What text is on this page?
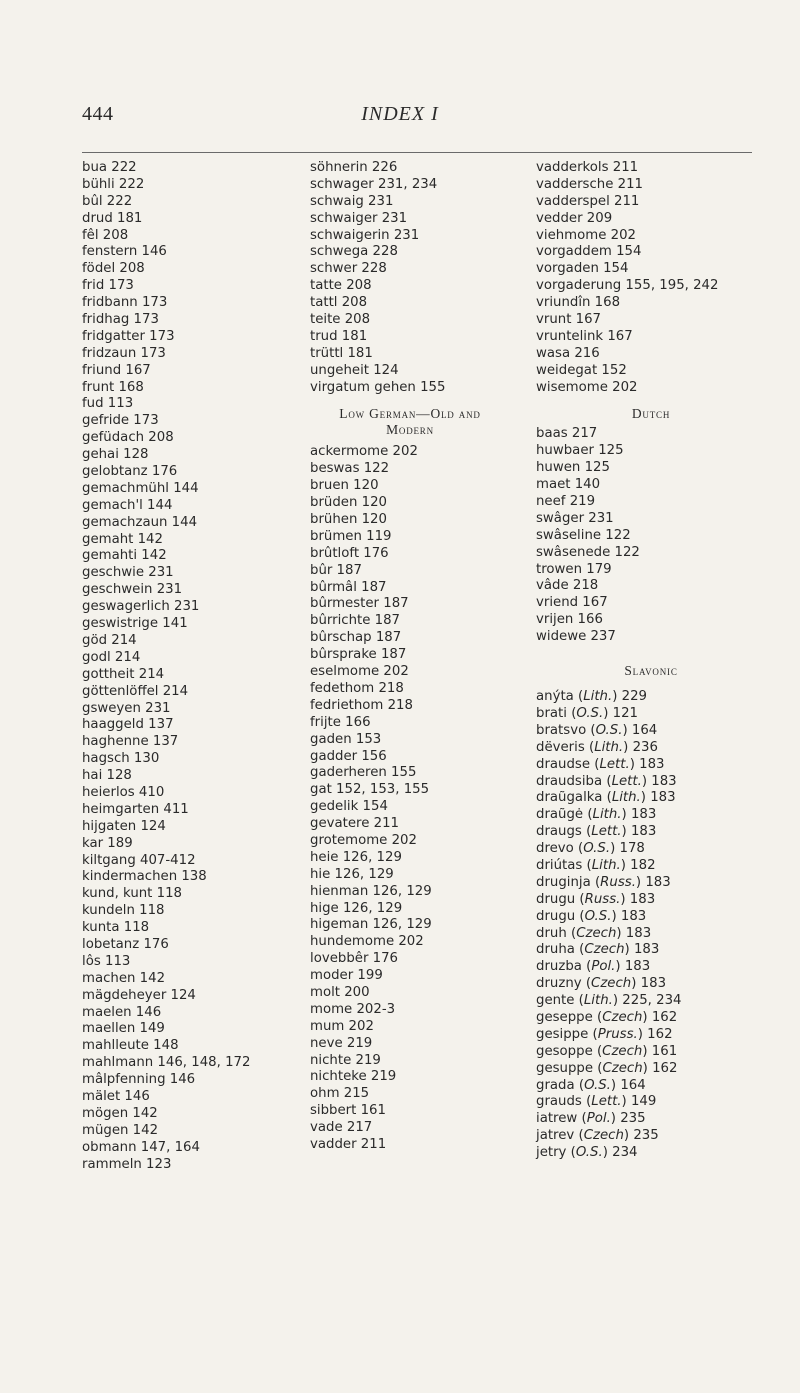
444	INDEX I
bua 222
bühli 222
bûl 222
drud 181
fêl 208
fenstern 146
födel 208
frid 173
fridbann 173
fridhag 173
fridgatter 173
fridzaun 173
friund 167
frunt 168
fud 113
gefride 173
gefüdach 208
gehai 128
gelobtanz 176
gemachmühl 144
gemach'l 144
gemachzaun 144
gemaht 142
gemahti 142
geschwie 231
geschwein 231
geswagerlich 231
geswistrige 141
göd 214
godl 214
gottheit 214
göttenlöffel 214
gsweyen 231
haaggeld 137
haghenne 137
hagsch 130
hai 128
heierlos 410
heimgarten 411
hijgaten 124
kar 189
kiltgang 407-412
kindermachen 138
kund, kunt 118
kundeln 118
kunta 118
lobetanz 176
lôs 113
machen 142
mägdeheyer 124
maelen 146
maellen 149
mahlleute 148
mahlmann 146, 148, 172
mâlpfenning 146
mälet 146
mögen 142
mügen 142
obmann 147, 164
rammeln 123
söhnerin 226
schwager 231, 234
schwaig 231
schwaiger 231
schwaigerin 231
schwega 228
schwer 228
tatte 208
tattl 208
teite 208
trud 181
trüttl 181
ungeheit 124
virgatum gehen 155
Low German—Old and
Modern
ackermome 202
beswas 122
bruen 120
brüden 120
brühen 120
brümen 119
brûtloft 176
bûr 187
bûrmâl 187
bûrmester 187
bûrrichte 187
bûrschap 187
bûrsprake 187
eselmome 202
fedethom 218
fedriethom 218
frijte 166
gaden 153
gadder 156
gaderheren 155
gat 152, 153, 155
gedelik 154
gevatere 211
grotemome 202
heie 126, 129
hie 126, 129
hienman 126, 129
hige 126, 129
higeman 126, 129
hundemome 202
lovebbêr 176
moder 199
molt 200
mome 202-3
mum 202
neve 219
nichte 219
nichteke 219
ohm 215
sibbert 161
vade 217
vadder 211
vadderkols 211
vaddersche 211
vadderspel 211
vedder 209
viehmome 202
vorgaddem 154
vorgaden 154
vorgaderung 155, 195, 242
vriundîn 168
vrunt 167
vruntelink 167
wasa 216
weidegat 152
wisemome 202
Dutch
baas 217
huwbaer 125
huwen 125
maet 140
neef 219
swâger 231
swâseline 122
swâsenede 122
trowen 179
vâde 218
vriend 167
vrijen 166
widewe 237
Slavonic
anýta (Lith.) 229
brati (O.S.) 121
bratsvo (O.S.) 164
dëveris (Lith.) 236
draudse (Lett.) 183
draudsiba (Lett.) 183
draũgalka (Lith.) 183
draũgė (Lith.) 183
draugs (Lett.) 183
drevo (O.S.) 178
driútas (Lith.) 182
druginja (Russ.) 183
drugu (Russ.) 183
drugu (O.S.) 183
druh (Czech) 183
druha (Czech) 183
druzba (Pol.) 183
druzny (Czech) 183
gente (Lith.) 225, 234
geseppe (Czech) 162
gesippe (Pruss.) 162
gesoppe (Czech) 161
gesuppe (Czech) 162
grada (O.S.) 164
grauds (Lett.) 149
iatrew (Pol.) 235
jatrev (Czech) 235
jetry (O.S.) 234
